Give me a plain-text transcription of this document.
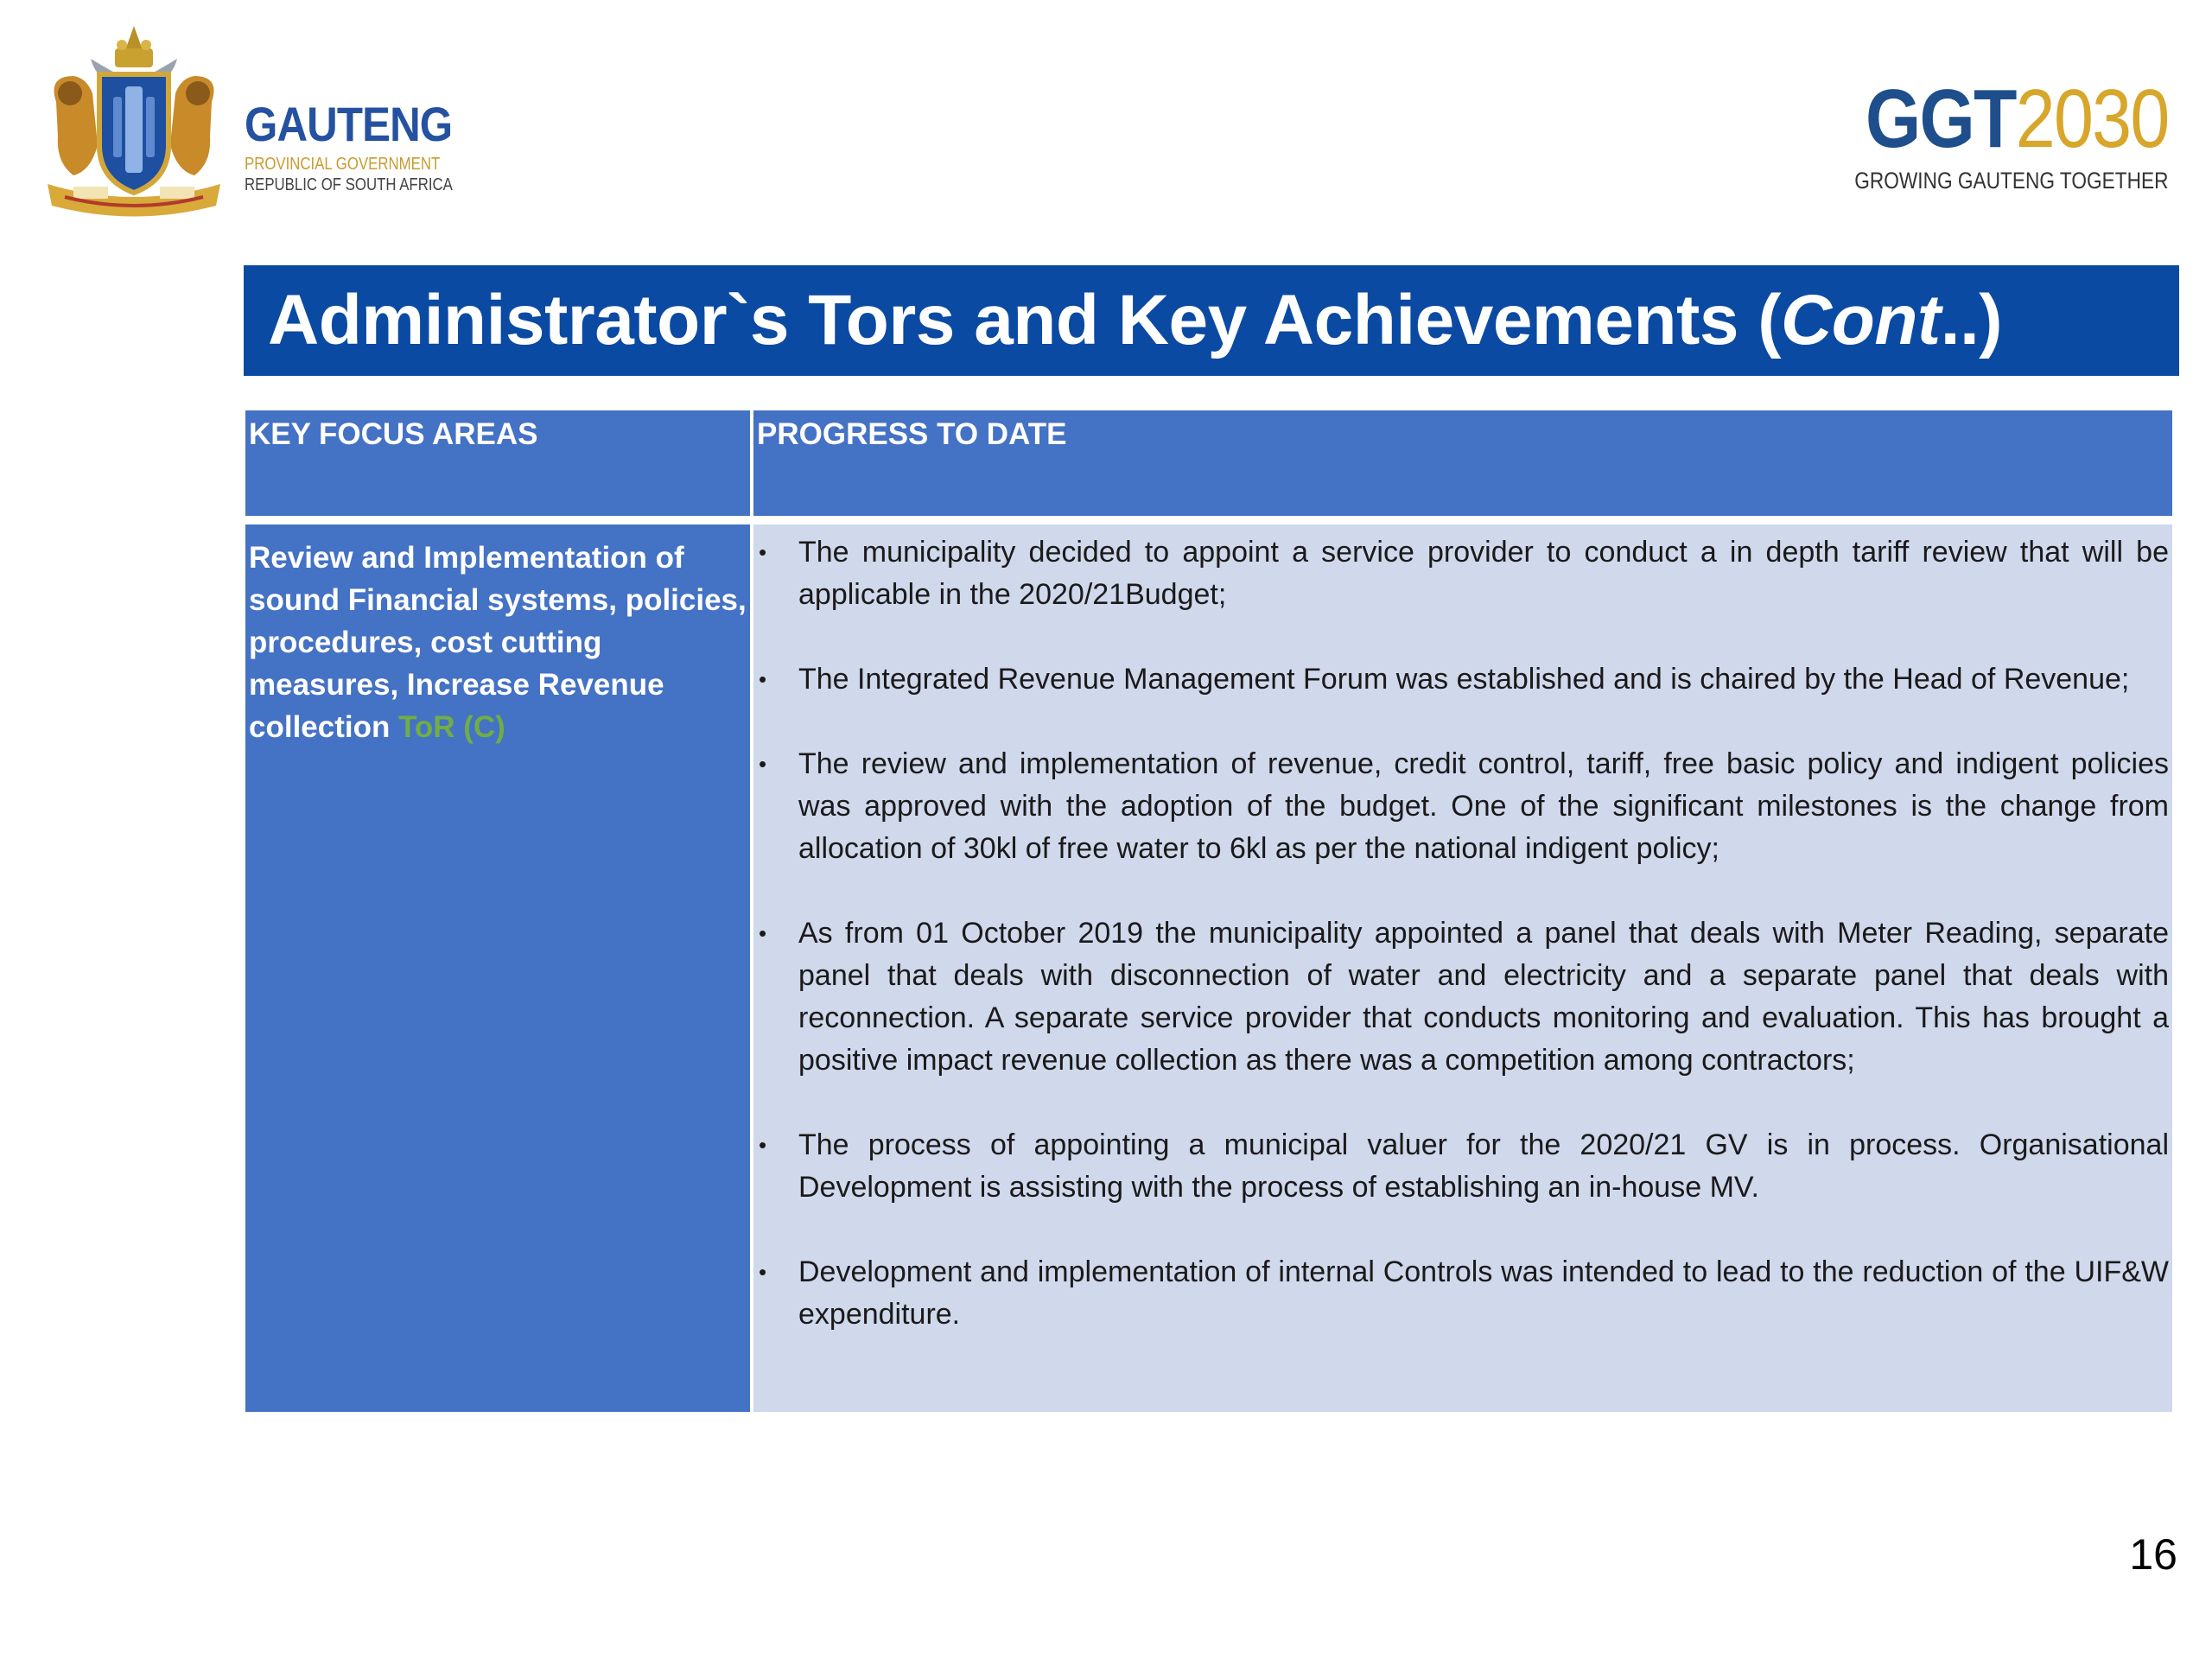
GAUTENG
PROVINCIAL GOVERNMENT
REPUBLIC OF SOUTH AFRICA
GGT2030
GROWING GAUTENG TOGETHER
Administrator`s Tors and Key Achievements (Cont..)
KEY FOCUS AREAS	PROGRESS TO DATE
Review and Implementation of sound Financial systems, policies, procedures, cost cutting measures, Increase Revenue collection ToR (C)
• The municipality decided to appoint a service provider to conduct a in depth tariff review that will be applicable in the 2020/21Budget;
• The Integrated Revenue Management Forum was established and is chaired by the Head of Revenue;
• The review and implementation of revenue, credit control, tariff, free basic policy and indigent policies was approved with the adoption of the budget. One of the significant milestones is the change from allocation of 30kl of free water to 6kl as per the national indigent policy;
• As from 01 October 2019 the municipality appointed a panel that deals with Meter Reading, separate panel that deals with disconnection of water and electricity and a separate panel that deals with reconnection. A separate service provider that conducts monitoring and evaluation. This has brought a positive impact revenue collection as there was a competition among contractors;
• The process of appointing a municipal valuer for the 2020/21 GV is in process. Organisational Development is assisting with the process of establishing an in-house MV.
• Development and implementation of internal Controls was intended to lead to the reduction of the UIF&W expenditure.
16
